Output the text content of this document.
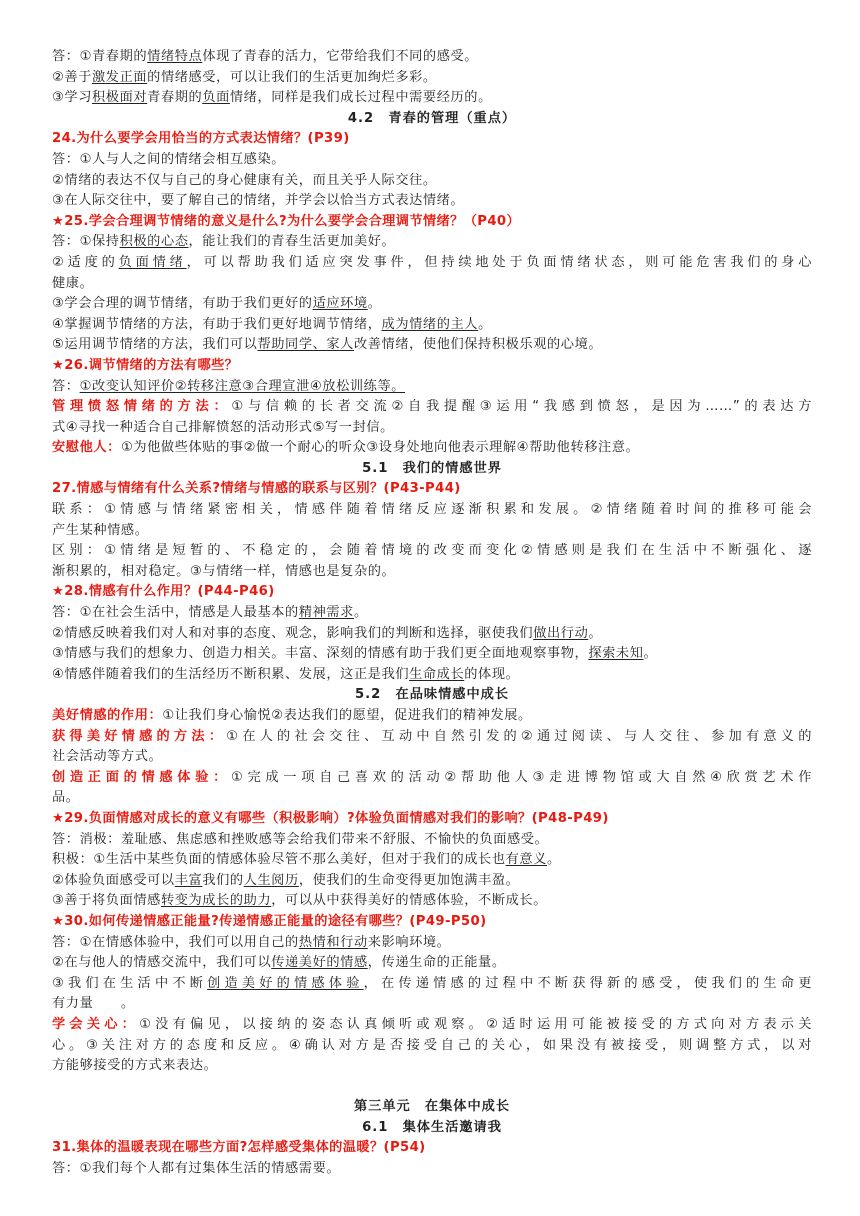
答：①青春期的情绪特点体现了青春的活力，它带给我们不同的感受。
②善于激发正面的情绪感受，可以让我们的生活更加绚烂多彩。
③学习积极面对青春期的负面情绪，同样是我们成长过程中需要经历的。
4.2　青春的管理（重点）
24.为什么要学会用恰当的方式表达情绪？(P39)
答：①人与人之间的情绪会相互感染。
②情绪的表达不仅与自己的身心健康有关，而且关乎人际交往。
③在人际交往中，要了解自己的情绪，并学会以恰当方式表达情绪。
★25.学会合理调节情绪的意义是什么?为什么要学会合理调节情绪？（P40）
答：①保持积极的心态，能让我们的青春生活更加美好。
②适度的负面情绪，可以帮助我们适应突发事件，但持续地处于负面情绪状态，则可能危害我们的身心
健康。
③学会合理的调节情绪，有助于我们更好的适应环境。
④掌握调节情绪的方法，有助于我们更好地调节情绪，成为情绪的主人。
⑤运用调节情绪的方法，我们可以帮助同学、家人改善情绪，使他们保持积极乐观的心境。
★26.调节情绪的方法有哪些？
答：①改变认知评价②转移注意③合理宣泄④放松训练等。
管理愤怒情绪的方法：①与信赖的长者交流②自我提醒③运用“我感到愤怒，是因为……”的表达方
式④寻找一种适合自己排解愤怒的活动形式⑤写一封信。
安慰他人：①为他做些体贴的事②做一个耐心的听众③设身处地向他表示理解④帮助他转移注意。
5.1　我们的情感世界
27.情感与情绪有什么关系?情绪与情感的联系与区别？(P43-P44)
联系：①情感与情绪紧密相关，情感伴随着情绪反应逐渐积累和发展。②情绪随着时间的推移可能会
产生某种情感。
区别：①情绪是短暂的、不稳定的，会随着情境的改变而变化②情感则是我们在生活中不断强化、逐
渐积累的，相对稳定。③与情绪一样，情感也是复杂的。
★28.情感有什么作用？(P44-P46)
答：①在社会生活中，情感是人最基本的精神需求。
②情感反映着我们对人和对事的态度、观念，影响我们的判断和选择，驱使我们做出行动。
③情感与我们的想象力、创造力相关。丰富、深刻的情感有助于我们更全面地观察事物，探索未知。
④情感伴随着我们的生活经历不断积累、发展，这正是我们生命成长的体现。
5.2　在品味情感中成长
美好情感的作用：①让我们身心愉悦②表达我们的愿望，促进我们的精神发展。
获得美好情感的方法：①在人的社会交往、互动中自然引发的②通过阅读、与人交往、参加有意义的
社会活动等方式。
创造正面的情感体验：①完成一项自己喜欢的活动②帮助他人③走进博物馆或大自然④欣赏艺术作
品。
★29.负面情感对成长的意义有哪些（积极影响）?体验负面情感对我们的影响？(P48-P49)
答：消极：羞耻感、焦虑感和挫败感等会给我们带来不舒服、不愉快的负面感受。
积极：①生活中某些负面的情感体验尽管不那么美好，但对于我们的成长也有意义。
②体验负面感受可以丰富我们的人生阅历，使我们的生命变得更加饱满丰盈。
③善于将负面情感转变为成长的助力，可以从中获得美好的情感体验，不断成长。
★30.如何传递情感正能量?传递情感正能量的途径有哪些？(P49-P50)
答：①在情感体验中，我们可以用自己的热情和行动来影响环境。
②在与他人的情感交流中，我们可以传递美好的情感，传递生命的正能量。
③我们在生活中不断创造美好的情感体验，在传递情感的过程中不断获得新的感受，使我们的生命更
有力量　　。
学会关心：①没有偏见，以接纳的姿态认真倾听或观察。②适时运用可能被接受的方式向对方表示关
心。③关注对方的态度和反应。④确认对方是否接受自己的关心，如果没有被接受，则调整方式，以对
方能够接受的方式来表达。

第三单元　在集体中成长
6.1　集体生活邀请我
31.集体的温暖表现在哪些方面?怎样感受集体的温暖？(P54)
答：①我们每个人都有过集体生活的情感需要。
